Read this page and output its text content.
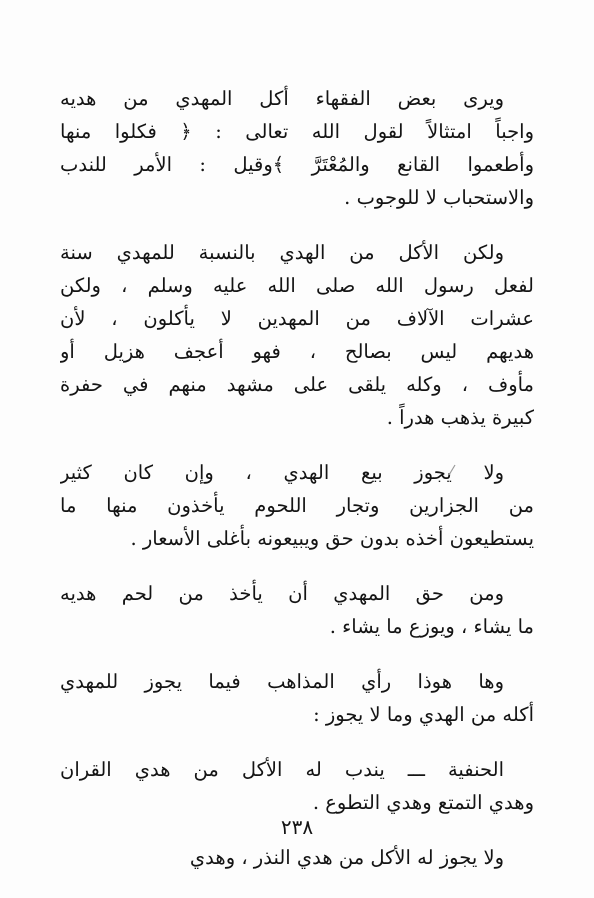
ويرى بعض الفقهاء أكل المهدي من هديه
واجباً امتثالاً لقول الله تعالى : ﴿ فكلوا منها
وأطعموا القانع والمُعْتَرَّ ﴾وقيل : الأمر للندب
والاستحباب لا للوجوب .
ولكن الأكل من الهدي بالنسبة للمهدي سنة
لفعل رسول الله صلى الله عليه وسلم ، ولكن
عشرات الآلاف من المهدين لا يأكلون ، لأن
هديهم ليس بصالح ، فهو أعجف هزيل أو
مأوف ، وكله يلقى على مشهد منهم في حفرة
كبيرة يذهب هدراً .
ولا يجوز بيع الهدي ، وإن كان كثير
من الجزارين وتجار اللحوم يأخذون منها ما
يستطيعون أخذه بدون حق ويبيعونه بأغلى الأسعار .
ومن حق المهدي أن يأخذ من لحم هديه
ما يشاء ، ويوزع ما يشاء .
وها هوذا رأي المذاهب فيما يجوز للمهدي
أكله من الهدي وما لا يجوز :
الحنفية ـــ يندب له الأكل من هدي القران
وهدي التمتع وهدي التطوع .
ولا يجوز له الأكل من هدي النذر ، وهدي
٢٣٨
